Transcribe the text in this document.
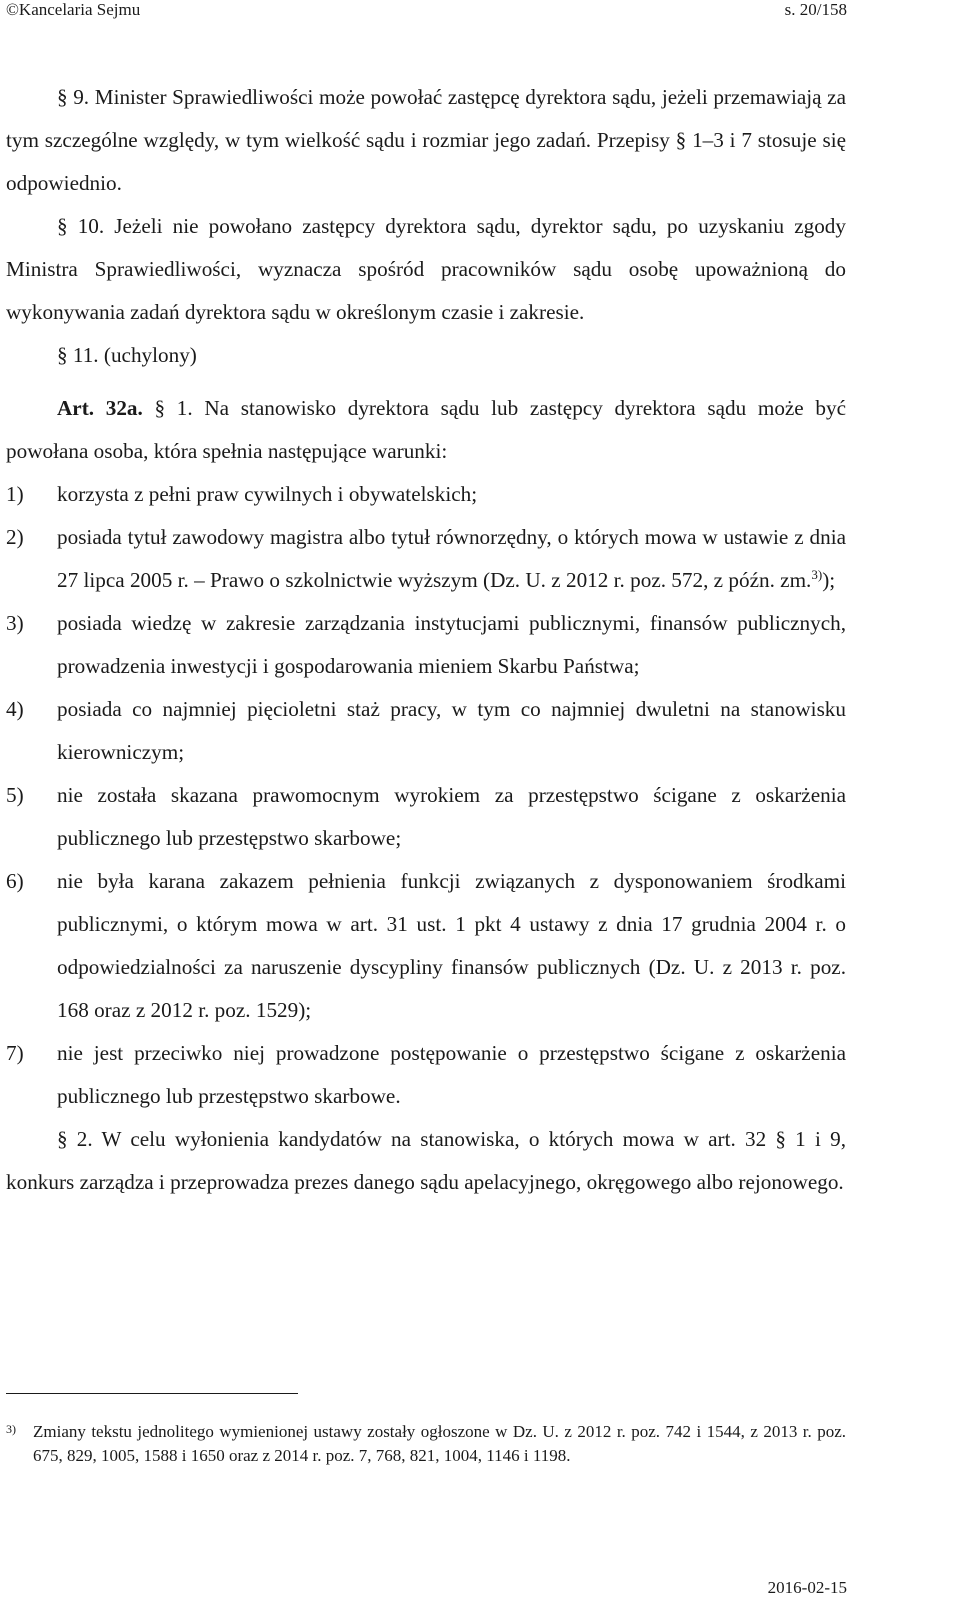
©Kancelaria Sejmu	s. 20/158

§ 9. Minister Sprawiedliwości może powołać zastępcę dyrektora sądu, jeżeli przemawiają za tym szczególne względy, w tym wielkość sądu i rozmiar jego zadań. Przepisy § 1–3 i 7 stosuje się odpowiednio.

§ 10. Jeżeli nie powołano zastępcy dyrektora sądu, dyrektor sądu, po uzyskaniu zgody Ministra Sprawiedliwości, wyznacza spośród pracowników sądu osobę upoważnioną do wykonywania zadań dyrektora sądu w określonym czasie i zakresie.

§ 11. (uchylony)

Art. 32a. § 1. Na stanowisko dyrektora sądu lub zastępcy dyrektora sądu może być powołana osoba, która spełnia następujące warunki:

1)	korzysta z pełni praw cywilnych i obywatelskich;
2)	posiada tytuł zawodowy magistra albo tytuł równorzędny, o których mowa w ustawie z dnia 27 lipca 2005 r. – Prawo o szkolnictwie wyższym (Dz. U. z 2012 r. poz. 572, z późn. zm.$^{3)}$);
3)	posiada wiedzę w zakresie zarządzania instytucjami publicznymi, finansów publicznych, prowadzenia inwestycji i gospodarowania mieniem Skarbu Państwa;
4)	posiada co najmniej pięcioletni staż pracy, w tym co najmniej dwuletni na stanowisku kierowniczym;
5)	nie została skazana prawomocnym wyrokiem za przestępstwo ścigane z oskarżenia publicznego lub przestępstwo skarbowe;
6)	nie była karana zakazem pełnienia funkcji związanych z dysponowaniem środkami publicznymi, o którym mowa w art. 31 ust. 1 pkt 4 ustawy z dnia 17 grudnia 2004 r. o odpowiedzialności za naruszenie dyscypliny finansów publicznych (Dz. U. z 2013 r. poz. 168 oraz z 2012 r. poz. 1529);
7)	nie jest przeciwko niej prowadzone postępowanie o przestępstwo ścigane z oskarżenia publicznego lub przestępstwo skarbowe.

§ 2. W celu wyłonienia kandydatów na stanowiska, o których mowa w art. 32 § 1 i 9, konkurs zarządza i przeprowadza prezes danego sądu apelacyjnego, okręgowego albo rejonowego.

3)	Zmiany tekstu jednolitego wymienionej ustawy zostały ogłoszone w Dz. U. z 2012 r. poz. 742 i 1544, z 2013 r. poz. 675, 829, 1005, 1588 i 1650 oraz z 2014 r. poz. 7, 768, 821, 1004, 1146 i 1198.
2016-02-15
